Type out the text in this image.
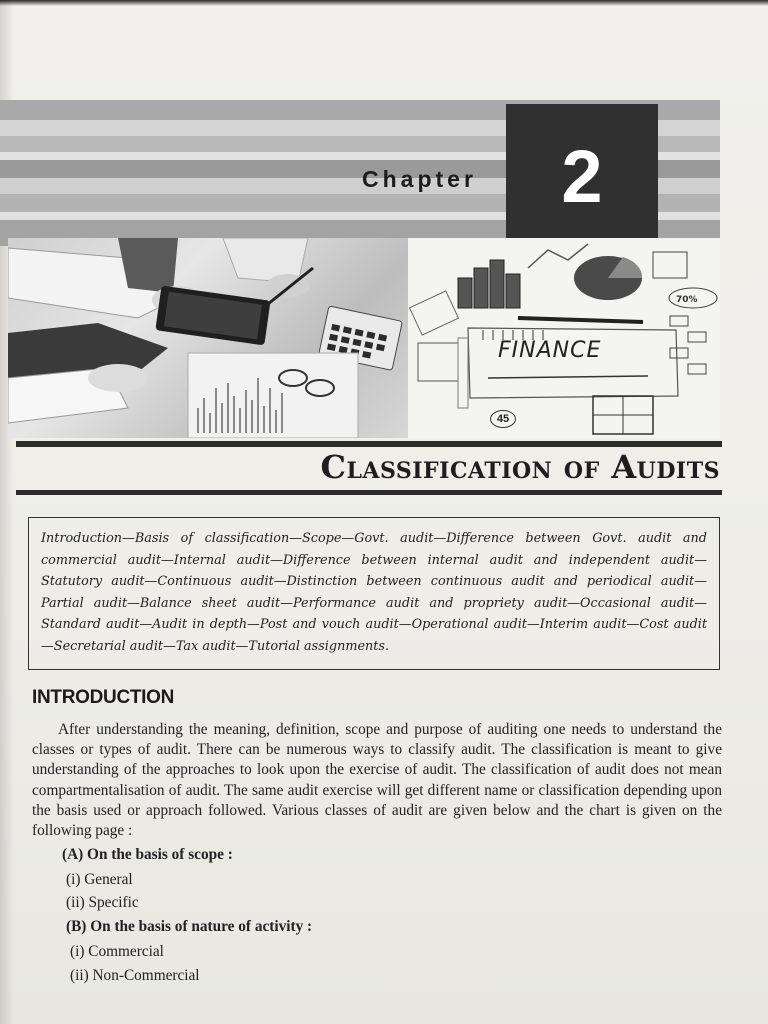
Chapter 2
70%
FINANCE
45
Classification of Audits
Introduction—Basis of classification—Scope—Govt. audit—Difference between Govt. audit and commercial audit—Internal audit—Difference between internal audit and independent audit—Statutory audit—Continuous audit—Distinction between continuous audit and periodical audit—Partial audit—Balance sheet audit—Performance audit and propriety audit—Occasional audit— Standard audit—Audit in depth—Post and vouch audit—Operational audit—Interim audit—Cost audit—Secretarial audit—Tax audit—Tutorial assignments.
INTRODUCTION
After understanding the meaning, definition, scope and purpose of auditing one needs to understand the classes or types of audit. There can be numerous ways to classify audit. The classification is meant to give understanding of the approaches to look upon the exercise of audit. The classification of audit does not mean compartmentalisation of audit. The same audit exercise will get different name or classification depending upon the basis used or approach followed. Various classes of audit are given below and the chart is given on the following page :
(A) On the basis of scope :
(i) General
(ii) Specific
(B) On the basis of nature of activity :
(i) Commercial
(ii) Non-Commercial
